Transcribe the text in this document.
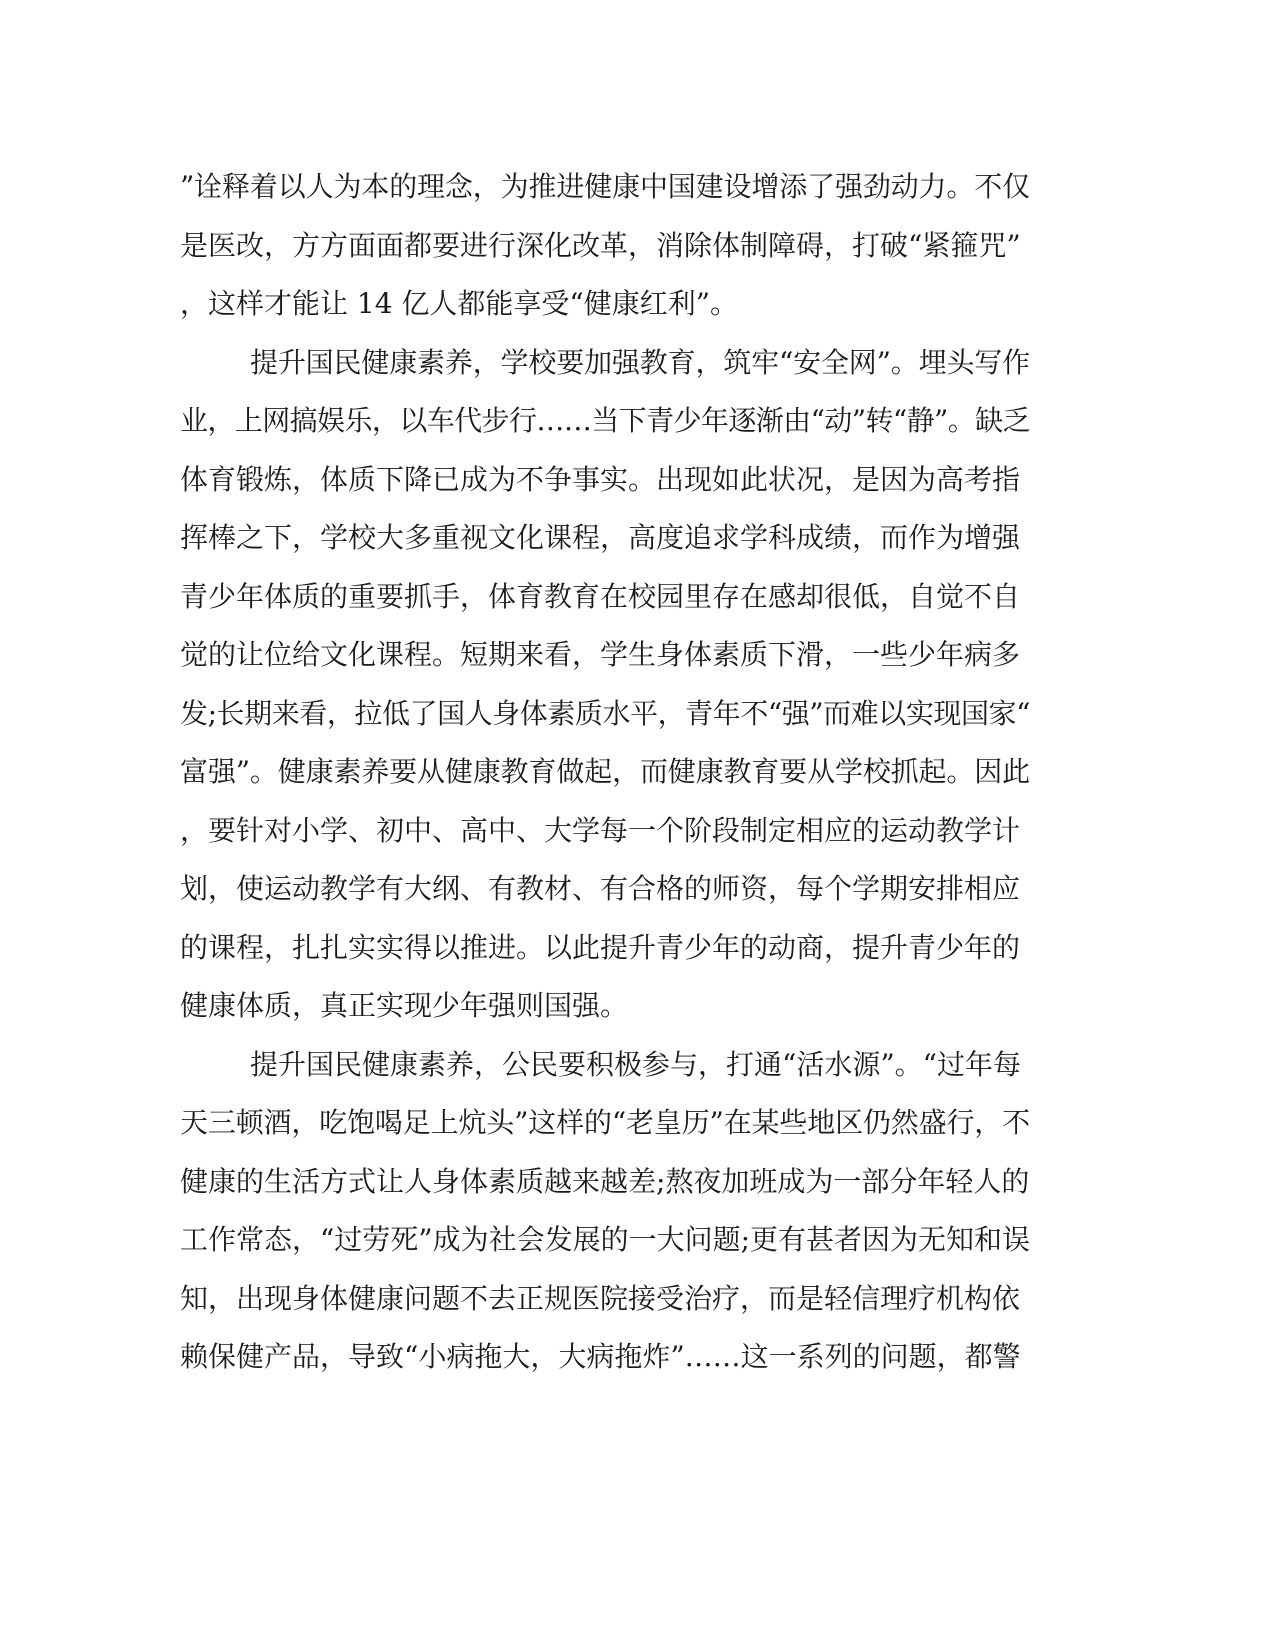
”诠释着以人为本的理念，为推进健康中国建设增添了强劲动力。不仅
是医改，方方面面都要进行深化改革，消除体制障碍，打破“紧箍咒”
，这样才能让 14 亿人都能享受“健康红利”。
提升国民健康素养，学校要加强教育，筑牢“安全网”。埋头写作
业，上网搞娱乐，以车代步行……当下青少年逐渐由“动”转“静”。缺乏
体育锻炼，体质下降已成为不争事实。出现如此状况，是因为高考指
挥棒之下，学校大多重视文化课程，高度追求学科成绩，而作为增强
青少年体质的重要抓手，体育教育在校园里存在感却很低，自觉不自
觉的让位给文化课程。短期来看，学生身体素质下滑，一些少年病多
发;长期来看，拉低了国人身体素质水平，青年不“强”而难以实现国家“
富强”。健康素养要从健康教育做起，而健康教育要从学校抓起。因此
，要针对小学、初中、高中、大学每一个阶段制定相应的运动教学计
划，使运动教学有大纲、有教材、有合格的师资，每个学期安排相应
的课程，扎扎实实得以推进。以此提升青少年的动商，提升青少年的
健康体质，真正实现少年强则国强。
提升国民健康素养，公民要积极参与，打通“活水源”。“过年每
天三顿酒，吃饱喝足上炕头”这样的“老皇历”在某些地区仍然盛行，不
健康的生活方式让人身体素质越来越差;熬夜加班成为一部分年轻人的
工作常态，“过劳死”成为社会发展的一大问题;更有甚者因为无知和误
知，出现身体健康问题不去正规医院接受治疗，而是轻信理疗机构依
赖保健产品，导致“小病拖大，大病拖炸”……这一系列的问题，都警
